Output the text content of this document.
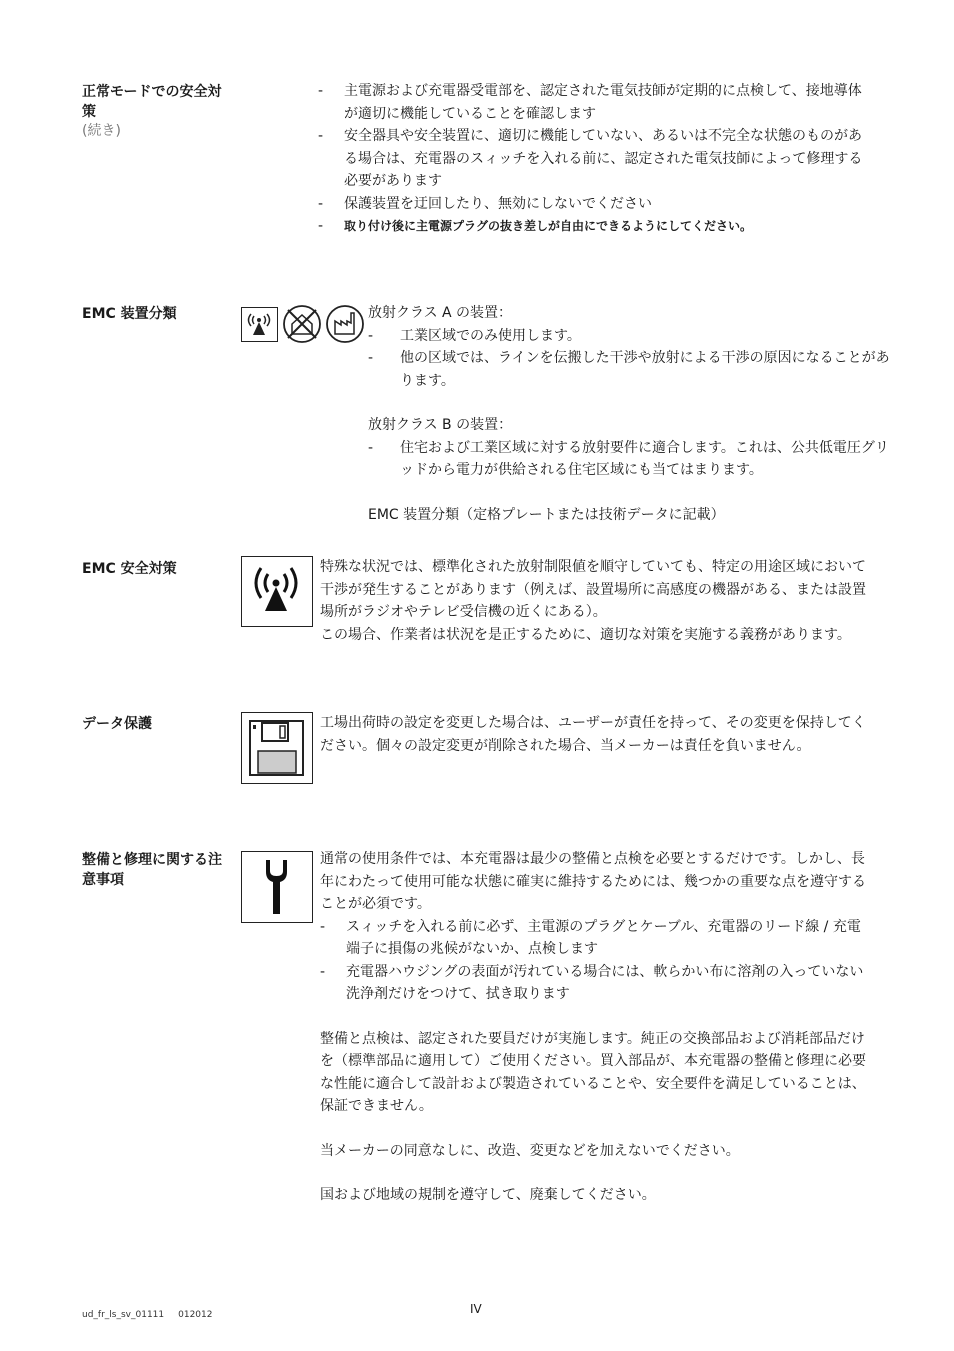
正常モードでの安全対策
(続き)
- 主電源および充電器受電部を、認定された電気技師が定期的に点検して、接地導体が適切に機能していることを確認します
- 安全器具や安全装置に、適切に機能していない、あるいは不完全な状態のものがある場合は、充電器のスィッチを入れる前に、認定された電気技師によって修理する必要があります
- 保護装置を迂回したり、無効にしないでください
- 取り付け後に主電源プラグの抜き差しが自由にできるようにしてください。
EMC 装置分類	放射クラス A の装置：

- 工業区域でのみ使用します。
- 他の区域では、ラインを伝搬した干渉や放射による干渉の原因になることがあります。

放射クラス B の装置：

- 住宅および工業区域に対する放射要件に適合します。これは、公共低電圧グリッドから電力が供給される住宅区域にも当てはまります。

EMC 装置分類（定格プレートまたは技術データに記載）

EMC 安全対策	特殊な状況では、標準化された放射制限値を順守していても、特定の用途区域において干渉が発生することがあります（例えば、設置場所に高感度の機器がある、または設置場所がラジオやテレビ受信機の近くにある）。

この場合、作業者は状況を是正するために、適切な対策を実施する義務があります。

データ保護	工場出荷時の設定を変更した場合は、ユーザーが責任を持って、その変更を保持してください。個々の設定変更が削除された場合、当メーカーは責任を負いません。
整備と修理に関する注意事項

通常の使用条件では、本充電器は最少の整備と点検を必要とするだけです。しかし、長年にわたって使用可能な状態に確実に維持するためには、幾つかの重要な点を遵守することが必須です。

- スィッチを入れる前に必ず、主電源のプラグとケーブル、充電器のリード線 / 充電端子に損傷の兆候がないか、点検します
- 充電器ハウジングの表面が汚れている場合には、軟らかい布に溶剤の入っていない洗浄剤だけをつけて、拭き取ります

整備と点検は、認定された要員だけが実施します。純正の交換部品および消耗部品だけを（標準部品に適用して）ご使用ください。買入部品が、本充電器の整備と修理に必要な性能に適合して設計および製造されていることや、安全要件を満足していることは、保証できません。

当メーカーの同意なしに、改造、変更などを加えないでください。

国および地域の規制を遵守して、廃棄してください。

ud_fr_ls_sv_01111 012012	IV
